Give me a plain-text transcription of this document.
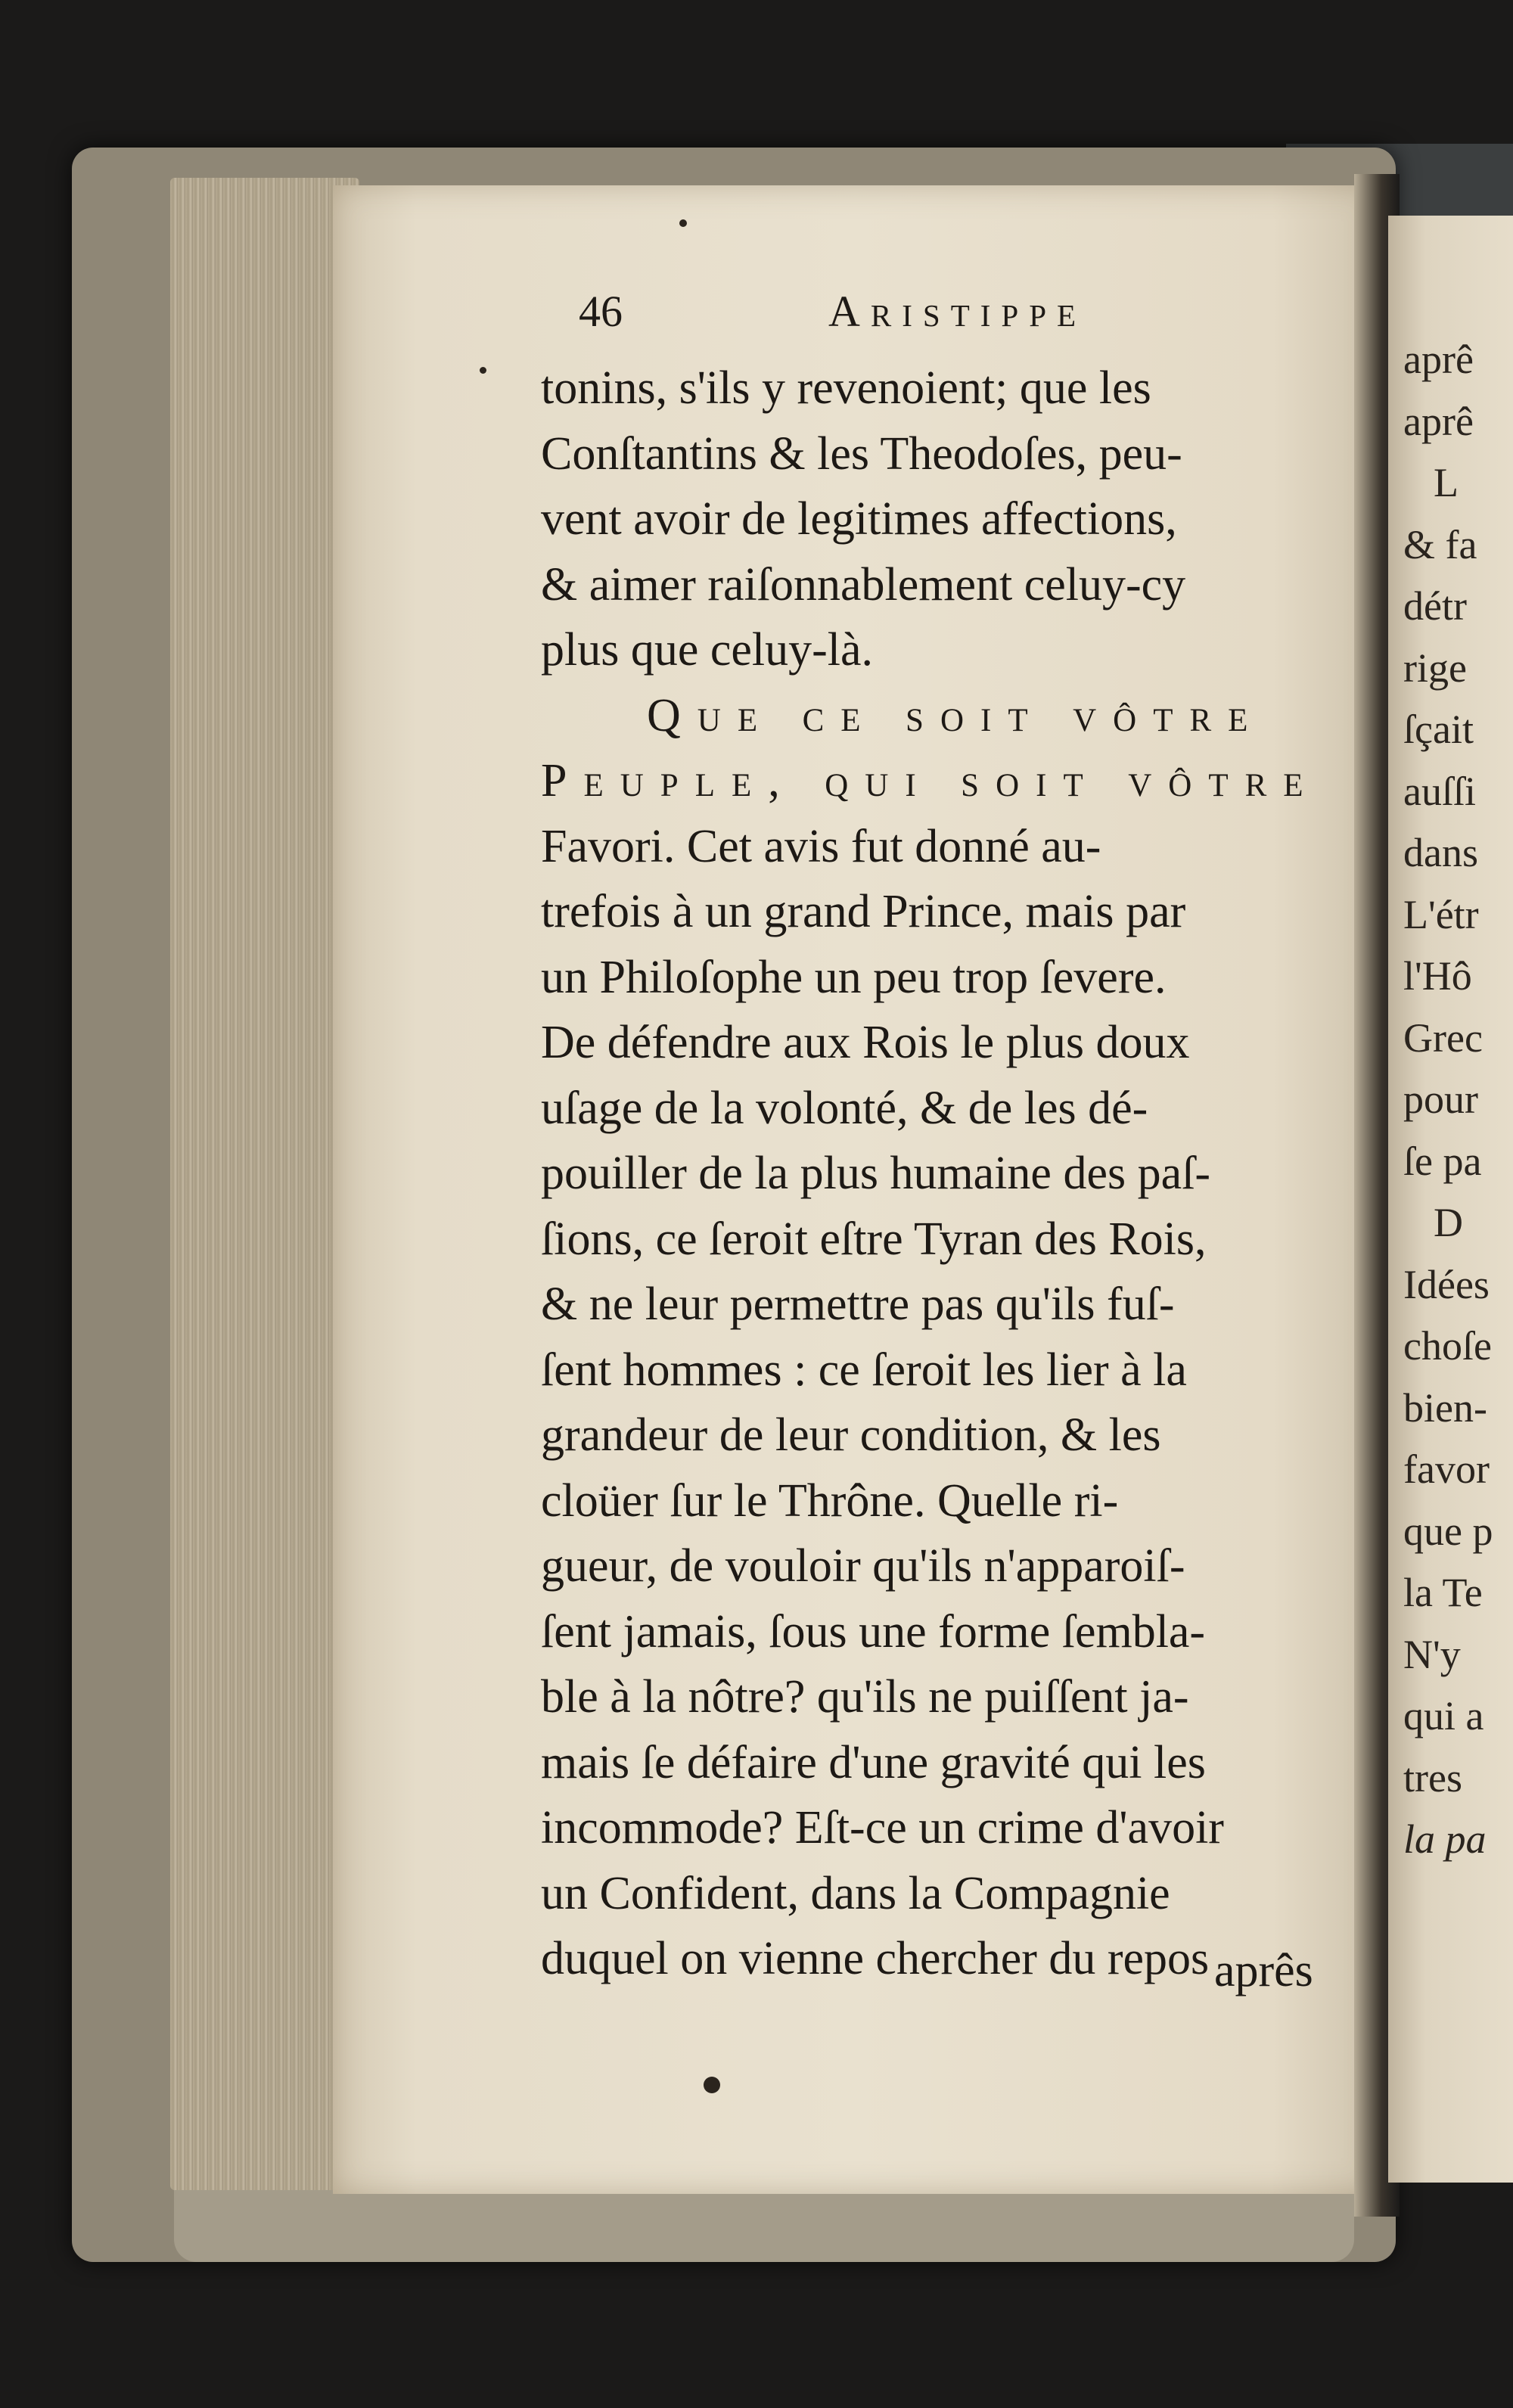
aprê
aprê
L
& fa
détr
rige
ſçait
auſſi
dans
L'étr
l'Hô
Grec
pour
ſe pa
D
Idées
choſe
bien-
favor
que p
la Te
N'y
qui a
tres
la pa
46	Aristippe
tonins, s'ils y revenoient; que les
Conſtantins & les Theodoſes, peu-
vent avoir de legitimes affections,
& aimer raiſonnablement celuy-cy
plus que celuy-là.
Que ce soit vôtre
Peuple, qui soit vôtre
Favori. Cet avis fut donné au-
trefois à un grand Prince, mais par
un Philoſophe un peu trop ſevere.
De défendre aux Rois le plus doux
uſage de la volonté, & de les dé-
pouiller de la plus humaine des paſ-
ſions, ce ſeroit eſtre Tyran des Rois,
& ne leur permettre pas qu'ils fuſ-
ſent hommes : ce ſeroit les lier à la
grandeur de leur condition, & les
cloüer ſur le Thrône. Quelle ri-
gueur, de vouloir qu'ils n'apparoiſ-
ſent jamais, ſous une forme ſembla-
ble à la nôtre? qu'ils ne puiſſent ja-
mais ſe défaire d'une gravité qui les
incommode? Eſt-ce un crime d'avoir
un Confident, dans la Compagnie
duquel on vienne chercher du repos aprês
